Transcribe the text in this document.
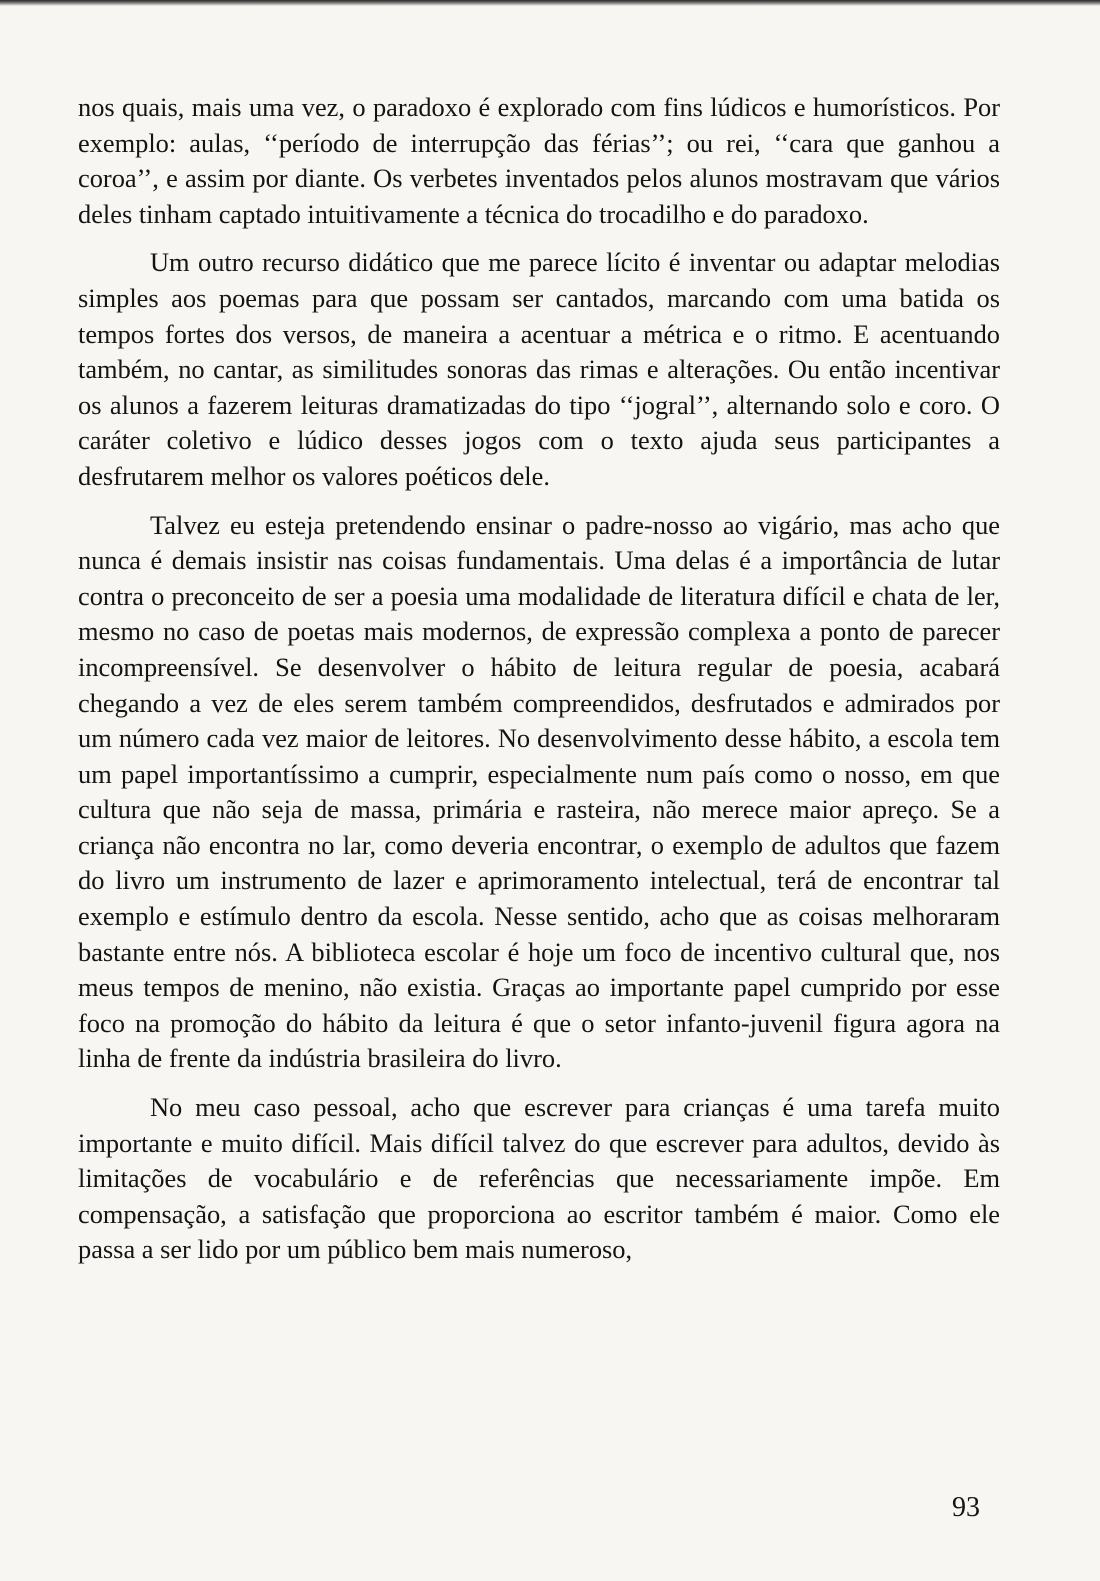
nos quais, mais uma vez, o paradoxo é explorado com fins lúdicos e humorísticos. Por exemplo: aulas, ‘‘período de interrupção das férias’’; ou rei, ‘‘cara que ganhou a coroa’’, e assim por diante. Os verbetes inventados pelos alunos mostravam que vários deles tinham captado intuitivamente a técnica do trocadilho e do paradoxo.

Um outro recurso didático que me parece lícito é inventar ou adaptar melodias simples aos poemas para que possam ser cantados, marcando com uma batida os tempos fortes dos versos, de maneira a acentuar a métrica e o ritmo. E acentuando também, no cantar, as similitudes sonoras das rimas e alterações. Ou então incentivar os alunos a fazerem leituras dramatizadas do tipo ‘‘jogral’’, alternando solo e coro. O caráter coletivo e lúdico desses jogos com o texto ajuda seus participantes a desfrutarem melhor os valores poéticos dele.

Talvez eu esteja pretendendo ensinar o padre-nosso ao vigário, mas acho que nunca é demais insistir nas coisas fundamentais. Uma delas é a importância de lutar contra o preconceito de ser a poesia uma modalidade de literatura difícil e chata de ler, mesmo no caso de poetas mais modernos, de expressão complexa a ponto de parecer incompreensível. Se desenvolver o hábito de leitura regular de poesia, acabará chegando a vez de eles serem também compreendidos, desfrutados e admirados por um número cada vez maior de leitores. No desenvolvimento desse hábito, a escola tem um papel importantíssimo a cumprir, especialmente num país como o nosso, em que cultura que não seja de massa, primária e rasteira, não merece maior apreço. Se a criança não encontra no lar, como deveria encontrar, o exemplo de adultos que fazem do livro um instrumento de lazer e aprimoramento intelectual, terá de encontrar tal exemplo e estímulo dentro da escola. Nesse sentido, acho que as coisas melhoraram bastante entre nós. A biblioteca escolar é hoje um foco de incentivo cultural que, nos meus tempos de menino, não existia. Graças ao importante papel cumprido por esse foco na promoção do hábito da leitura é que o setor infanto-juvenil figura agora na linha de frente da indústria brasileira do livro.

No meu caso pessoal, acho que escrever para crianças é uma tarefa muito importante e muito difícil. Mais difícil talvez do que escrever para adultos, devido às limitações de vocabulário e de referências que necessariamente impõe. Em compensação, a satisfação que proporciona ao escritor também é maior. Como ele passa a ser lido por um público bem mais numeroso,

93
